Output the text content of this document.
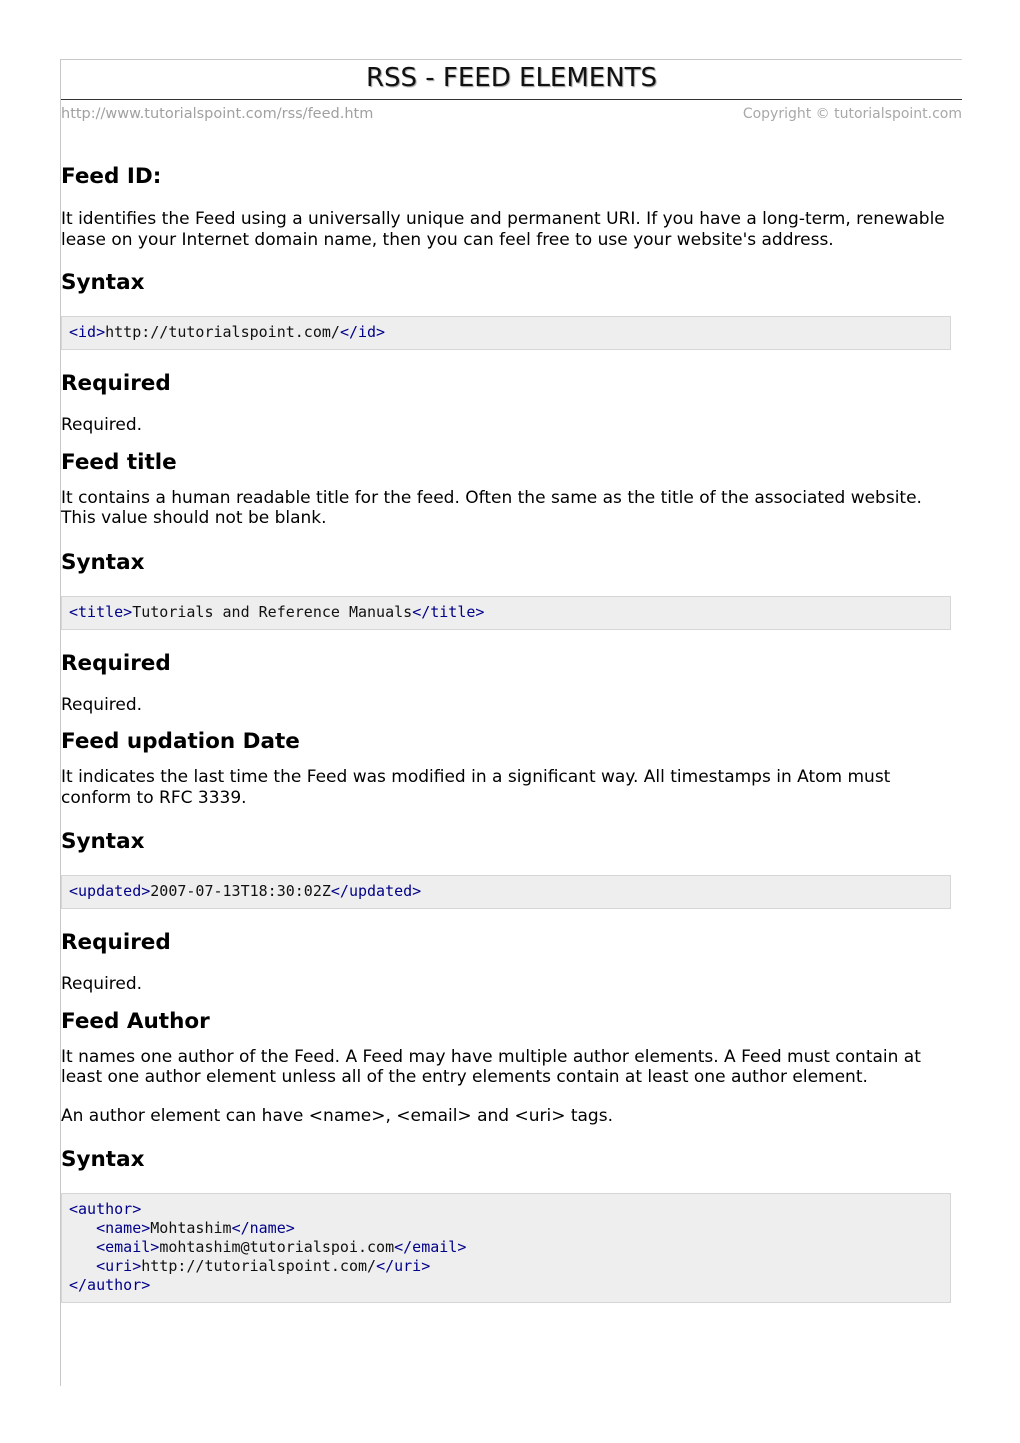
RSS - FEED ELEMENTS
http://www.tutorialspoint.com/rss/feed.htm	Copyright © tutorialspoint.com
Feed ID:

It identifies the Feed using a universally unique and permanent URI. If you have a long-term, renewable lease on your Internet domain name, then you can feel free to use your website's address.

Syntax
<id>http://tutorialspoint.com/</id>
Required

Required.

Feed title

It contains a human readable title for the feed. Often the same as the title of the associated website. This value should not be blank.

Syntax
<title>Tutorials and Reference Manuals</title>
Required

Required.

Feed updation Date

It indicates the last time the Feed was modified in a significant way. All timestamps in Atom must conform to RFC 3339.

Syntax
<updated>2007-07-13T18:30:02Z</updated>
Required

Required.

Feed Author

It names one author of the Feed. A Feed may have multiple author elements. A Feed must contain at least one author element unless all of the entry elements contain at least one author element.

An author element can have <name>, <email> and <uri> tags.

Syntax
<author>
<name>Mohtashim</name>
<email>mohtashim@tutorialspoi.com</email>
<uri>http://tutorialspoint.com/</uri>
</author>
